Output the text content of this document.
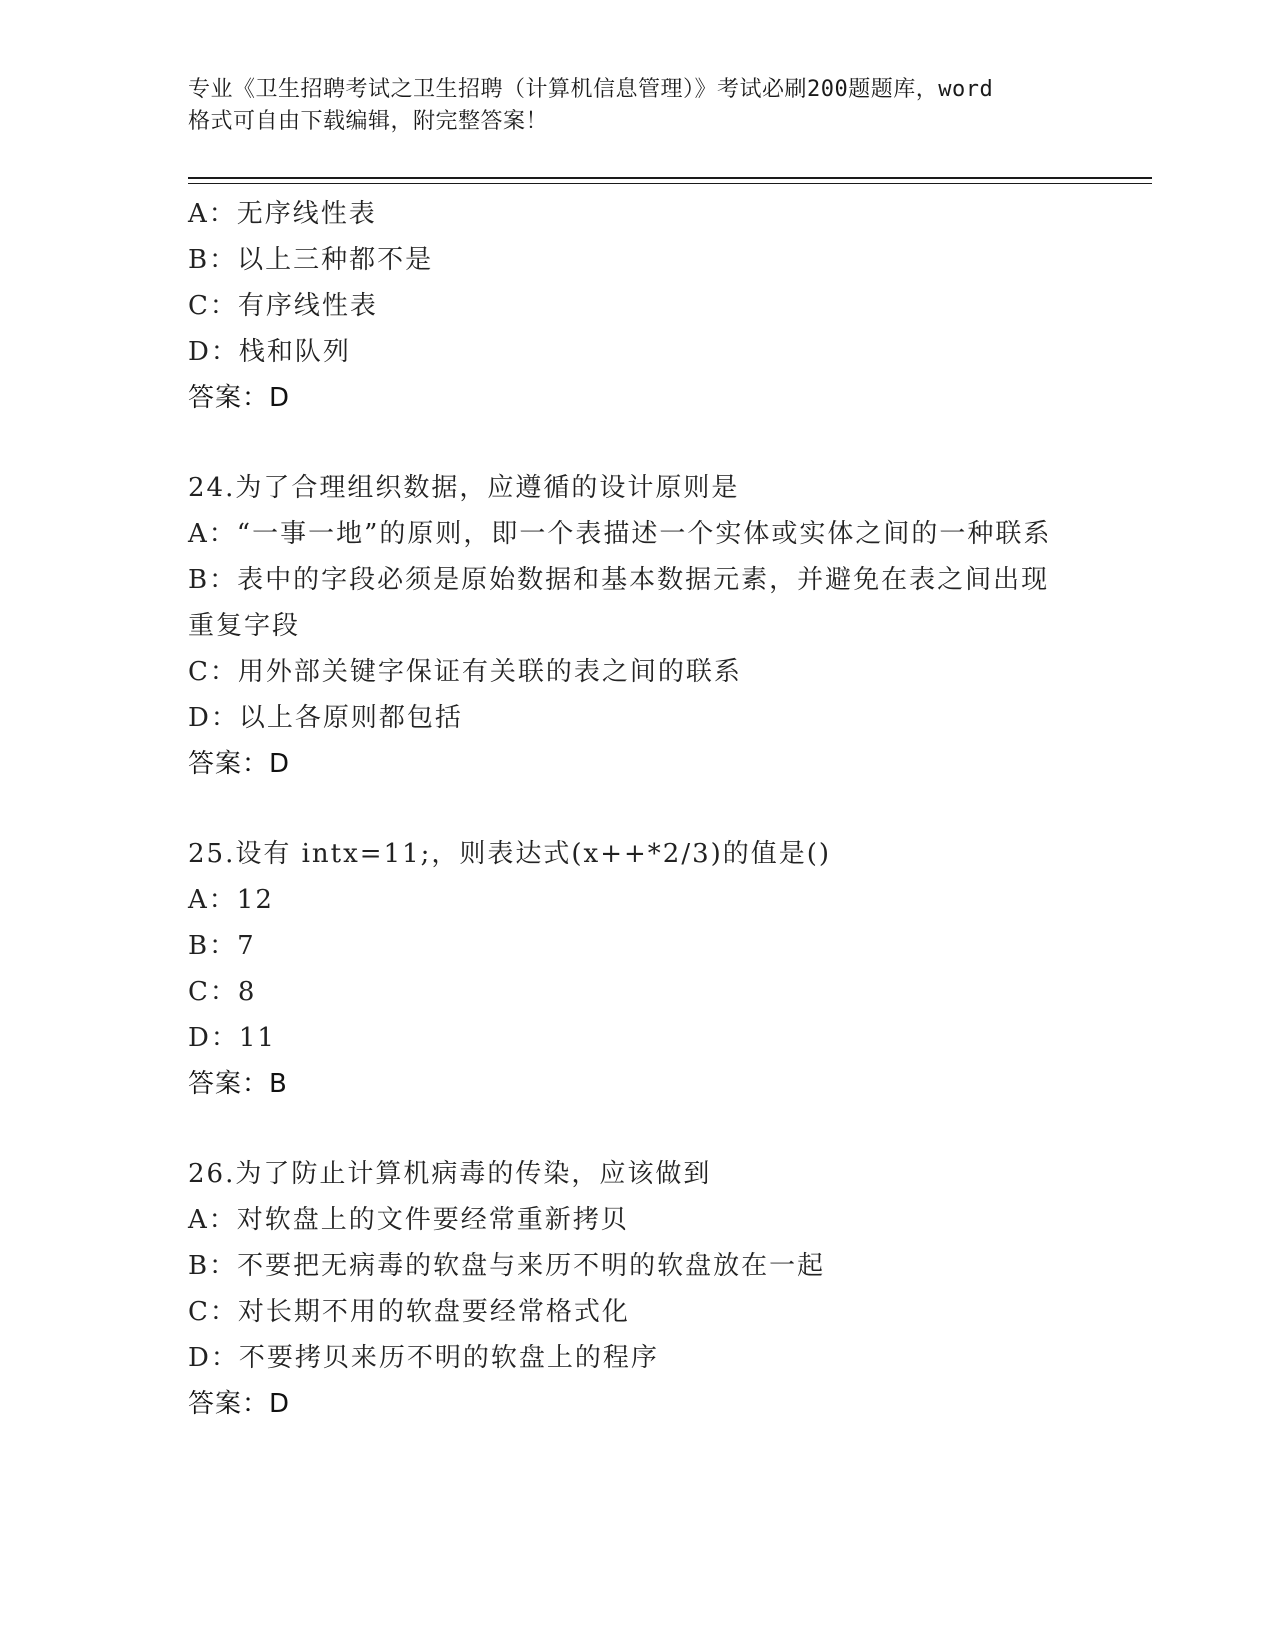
专业《卫生招聘考试之卫生招聘（计算机信息管理）》考试必刷200题题库，word
格式可自由下载编辑，附完整答案！
A：无序线性表
B：以上三种都不是
C：有序线性表
D：栈和队列
答案：D
24.为了合理组织数据，应遵循的设计原则是
A：“一事一地”的原则，即一个表描述一个实体或实体之间的一种联系
B：表中的字段必须是原始数据和基本数据元素，并避免在表之间出现重复字段
C：用外部关键字保证有关联的表之间的联系
D：以上各原则都包括
答案：D
25.设有 intx=11;，则表达式(x++*2/3)的值是()
A：12
B：7
C：8
D：11
答案：B
26.为了防止计算机病毒的传染，应该做到
A：对软盘上的文件要经常重新拷贝
B：不要把无病毒的软盘与来历不明的软盘放在一起
C：对长期不用的软盘要经常格式化
D：不要拷贝来历不明的软盘上的程序
答案：D
